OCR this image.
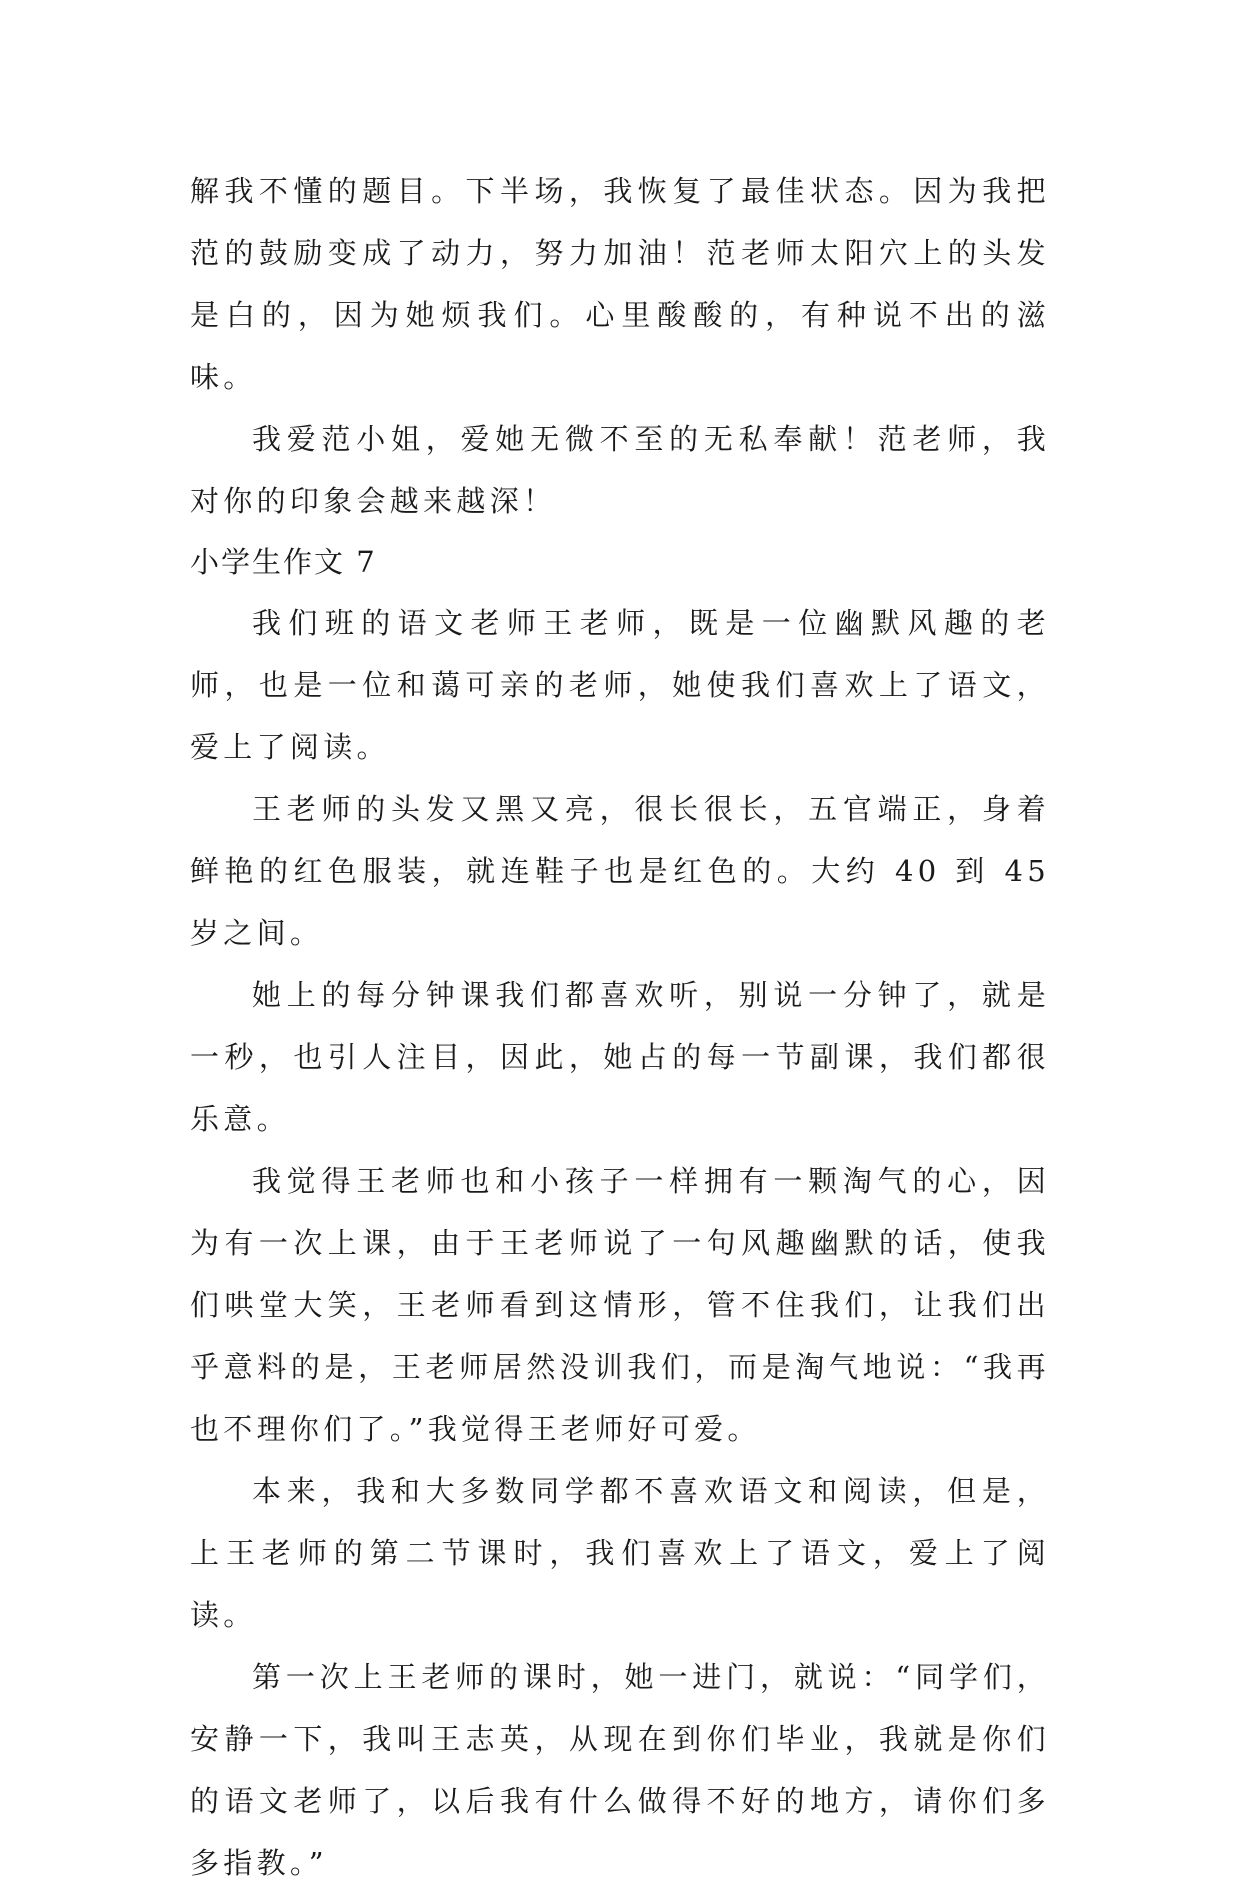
解我不懂的题目。下半场，我恢复了最佳状态。因为我把范的鼓励变成了动力，努力加油！范老师太阳穴上的头发是白的，因为她烦我们。心里酸酸的，有种说不出的滋味。

我爱范小姐，爱她无微不至的无私奉献！范老师，我对你的印象会越来越深！

小学生作文 7

我们班的语文老师王老师，既是一位幽默风趣的老师，也是一位和蔼可亲的老师，她使我们喜欢上了语文，爱上了阅读。

王老师的头发又黑又亮，很长很长，五官端正，身着鲜艳的红色服装，就连鞋子也是红色的。大约 40 到 45 岁之间。

她上的每分钟课我们都喜欢听，别说一分钟了，就是一秒，也引人注目，因此，她占的每一节副课，我们都很乐意。

我觉得王老师也和小孩子一样拥有一颗淘气的心，因为有一次上课，由于王老师说了一句风趣幽默的话，使我们哄堂大笑，王老师看到这情形，管不住我们，让我们出乎意料的是，王老师居然没训我们，而是淘气地说：“我再也不理你们了。”我觉得王老师好可爱。

本来，我和大多数同学都不喜欢语文和阅读，但是，上王老师的第二节课时，我们喜欢上了语文，爱上了阅读。

第一次上王老师的课时，她一进门，就说：“同学们，安静一下，我叫王志英，从现在到你们毕业，我就是你们的语文老师了，以后我有什么做得不好的地方，请你们多多指教。”
